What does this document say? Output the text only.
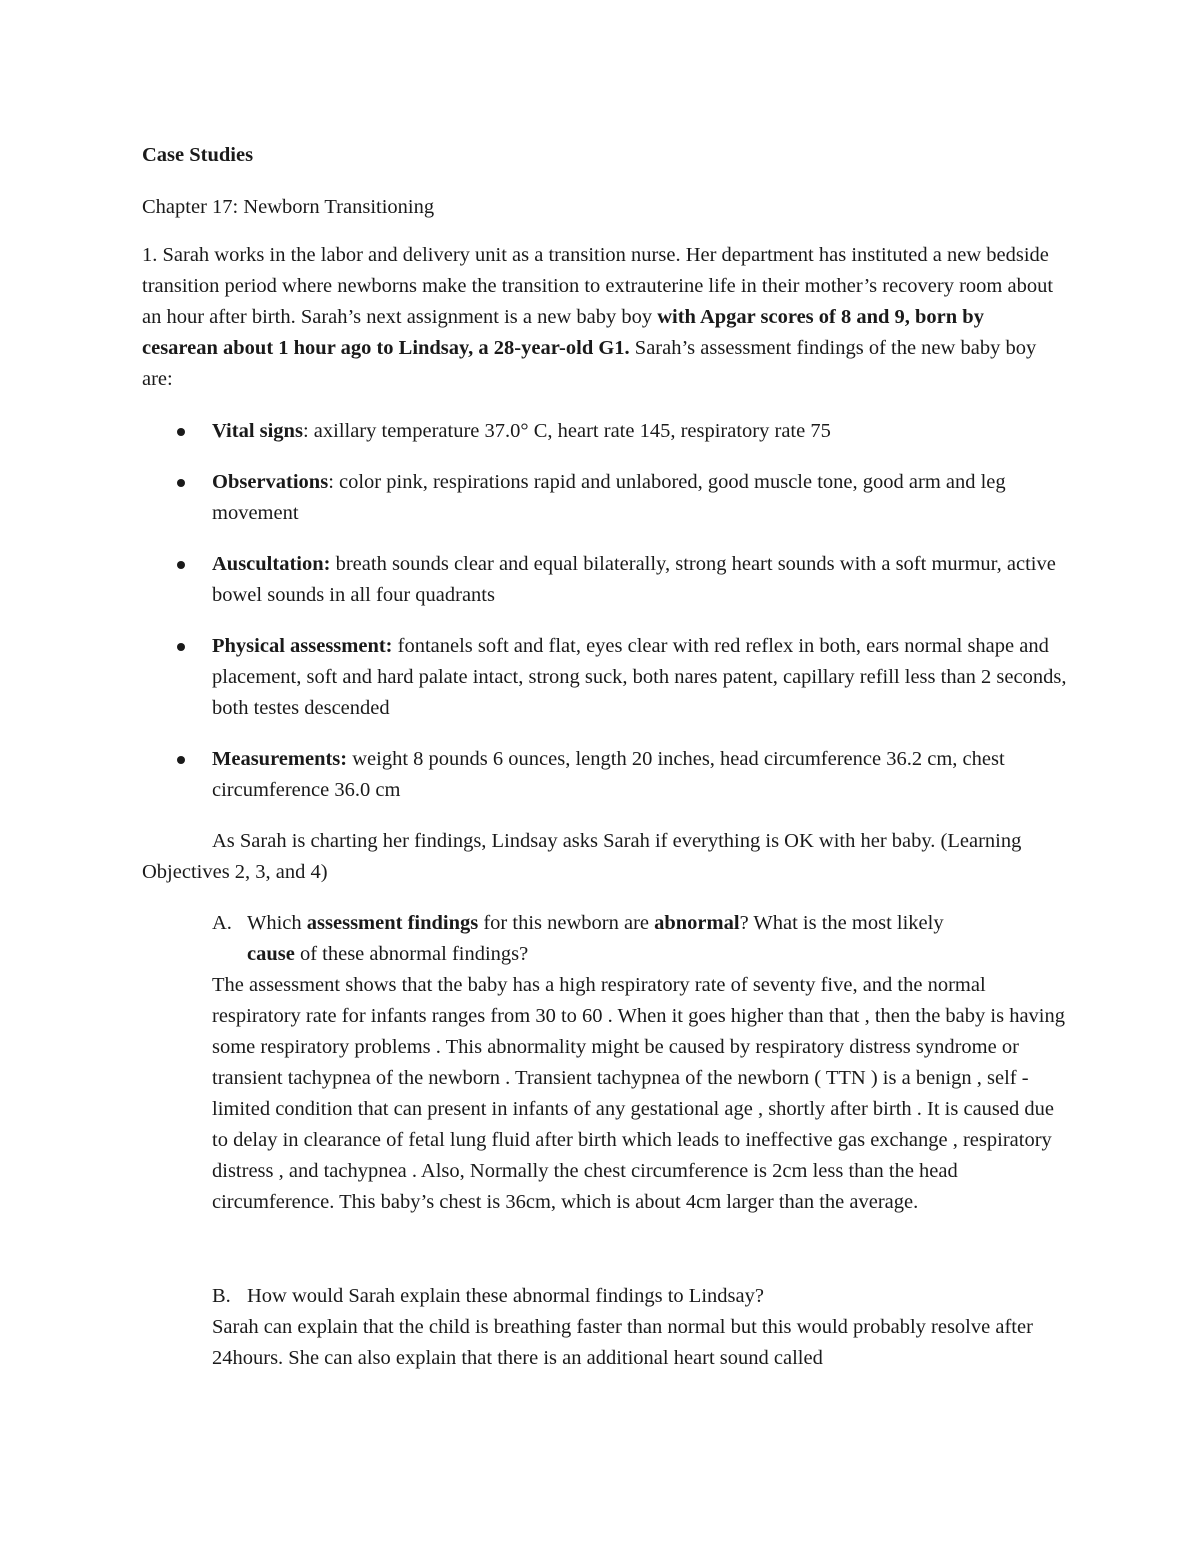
Case Studies

Chapter 17: Newborn Transitioning

1. Sarah works in the labor and delivery unit as a transition nurse. Her department has instituted a new bedside transition period where newborns make the transition to extrauterine life in their mother’s recovery room about an hour after birth. Sarah’s next assignment is a new baby boy with Apgar scores of 8 and 9, born by cesarean about 1 hour ago to Lindsay, a 28-year-old G1. Sarah’s assessment findings of the new baby boy are:

Vital signs: axillary temperature 37.0° C, heart rate 145, respiratory rate 75
Observations: color pink, respirations rapid and unlabored, good muscle tone, good arm and leg movement
Auscultation: breath sounds clear and equal bilaterally, strong heart sounds with a soft murmur, active bowel sounds in all four quadrants
Physical assessment: fontanels soft and flat, eyes clear with red reflex in both, ears normal shape and placement, soft and hard palate intact, strong suck, both nares patent, capillary refill less than 2 seconds, both testes descended
Measurements: weight 8 pounds 6 ounces, length 20 inches, head circumference 36.2 cm, chest circumference 36.0 cm

As Sarah is charting her findings, Lindsay asks Sarah if everything is OK with her baby. (Learning Objectives 2, 3, and 4)

A. Which assessment findings for this newborn are abnormal? What is the most likely
cause of these abnormal findings?

The assessment shows that the baby has a high respiratory rate of seventy five, and the normal respiratory rate for infants ranges from 30 to 60 . When it goes higher than that , then the baby is having some respiratory problems . This abnormality might be caused by respiratory distress syndrome or transient tachypnea of the newborn . Transient tachypnea of the newborn ( TTN ) is a benign , self - limited condition that can present in infants of any gestational age , shortly after birth . It is caused due to delay in clearance of fetal lung fluid after birth which leads to ineffective gas exchange , respiratory distress , and tachypnea . Also, Normally the chest circumference is 2cm less than the head circumference. This baby’s chest is 36cm, which is about 4cm larger than the average.

B. How would Sarah explain these abnormal findings to Lindsay?

Sarah can explain that the child is breathing faster than normal but this would probably resolve after 24hours. She can also explain that there is an additional heart sound called
